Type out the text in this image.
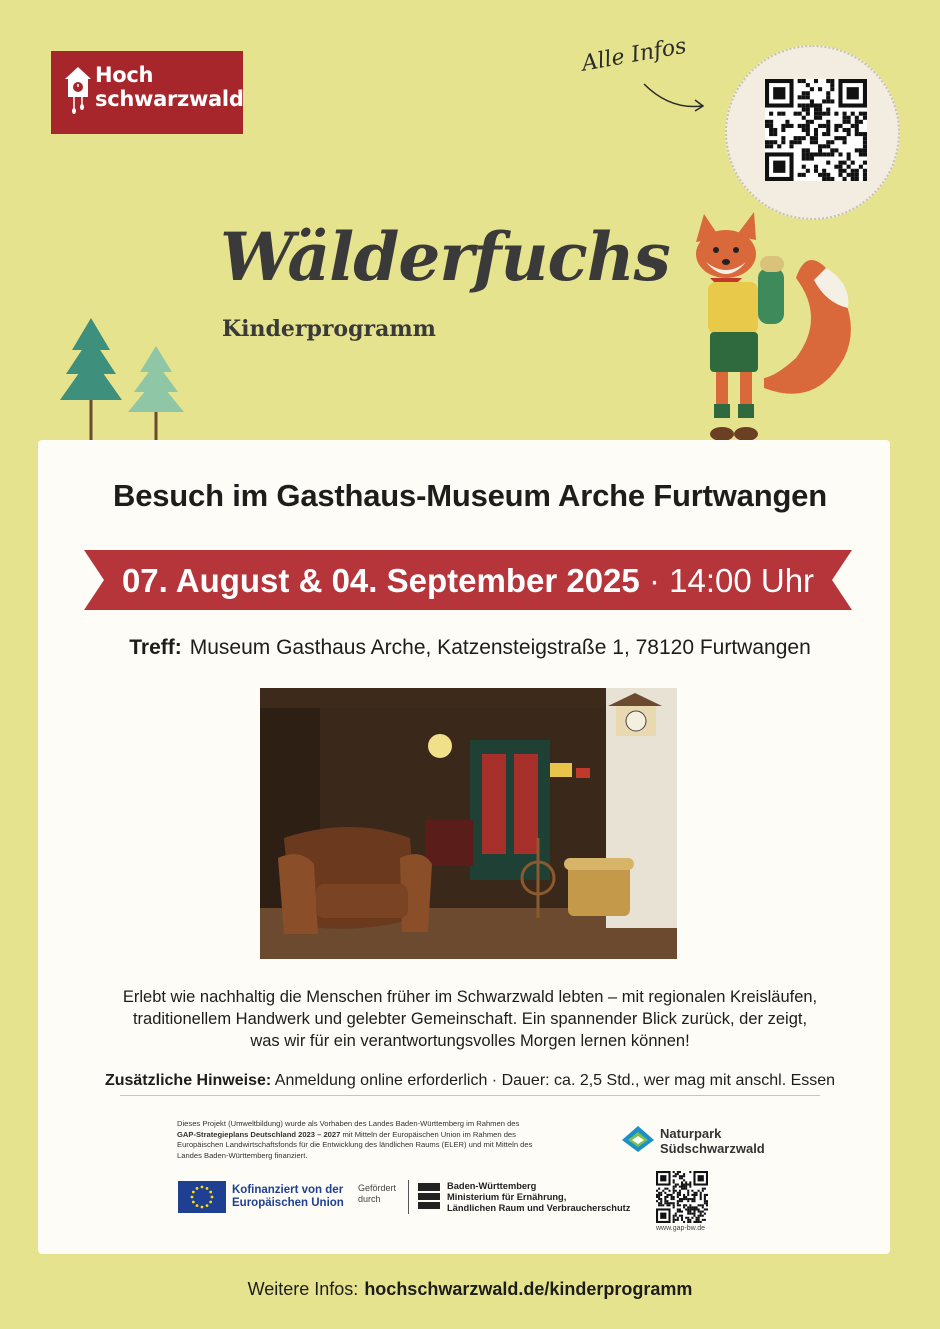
Hoch
schwarzwald
Alle Infos
Wälderfuchs
Kinderprogramm
Besuch im Gasthaus-Museum Arche Furtwangen
07. August & 04. September 2025 · 14:00 Uhr
Treff: Museum Gasthaus Arche, Katzensteigstraße 1, 78120 Furtwangen
Erlebt wie nachhaltig die Menschen früher im Schwarzwald lebten – mit regionalen Kreisläufen,
traditionellem Handwerk und gelebter Gemeinschaft. Ein spannender Blick zurück, der zeigt,
was wir für ein verantwortungsvolles Morgen lernen können!
Zusätzliche Hinweise: Anmeldung online erforderlich · Dauer: ca. 2,5 Std., wer mag mit anschl. Essen
Dieses Projekt (Umweltbildung) wurde als Vorhaben des Landes Baden-Württemberg im Rahmen des
GAP-Strategieplans Deutschland 2023 – 2027 mit Mitteln der Europäischen Union im Rahmen des
Europäischen Landwirtschaftsfonds für die Entwicklung des ländlichen Raums (ELER) und mit Mitteln des
Landes Baden-Württemberg finanziert.
Naturpark
Südschwarzwald
Kofinanziert von der
Europäischen Union
Gefördert
durch
Baden-Württemberg
Ministerium für Ernährung,
Ländlichen Raum und Verbraucherschutz
www.gap-bw.de
Weitere Infos: hochschwarzwald.de/kinderprogramm
